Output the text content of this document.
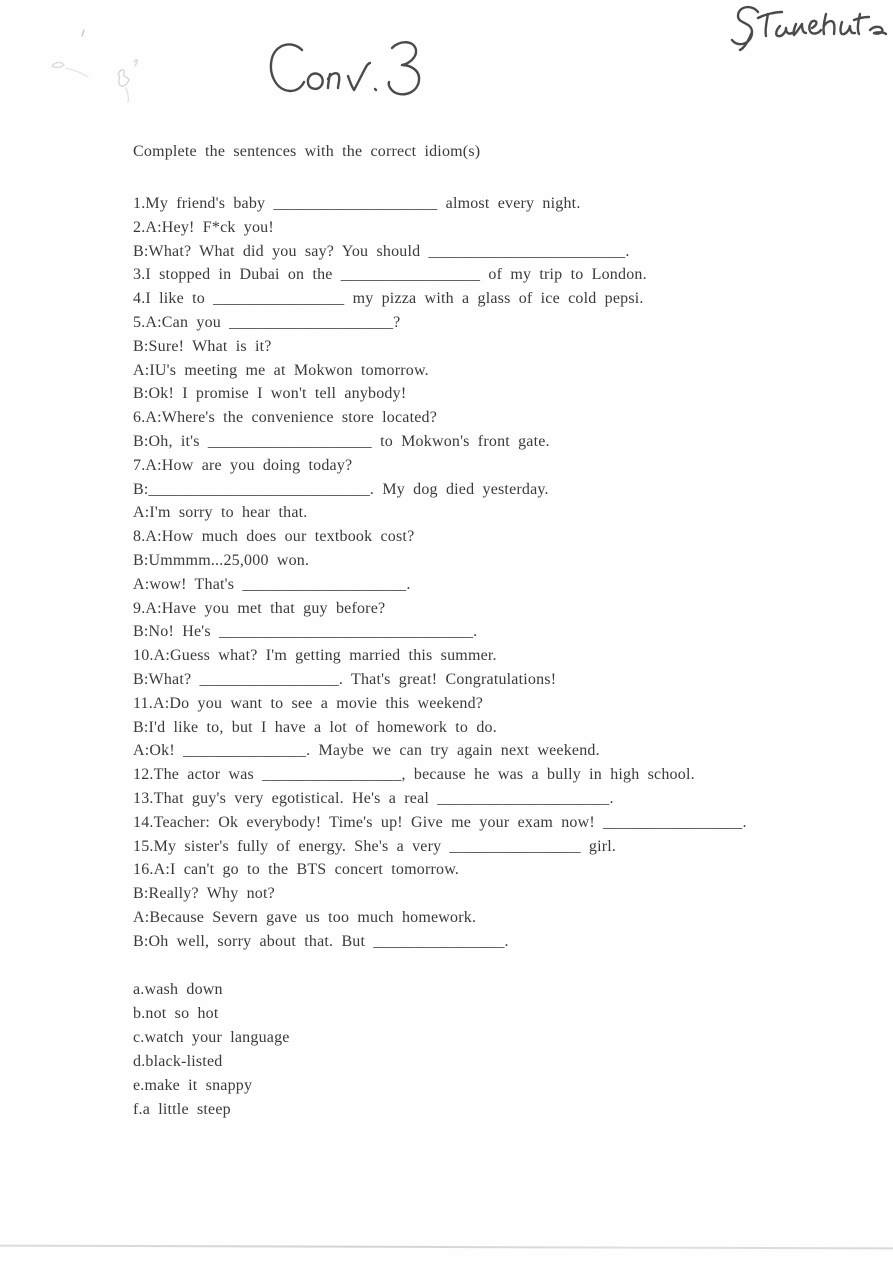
Complete the sentences with the correct idiom(s)
1.My friend's baby ____________________ almost every night.
2.A:Hey! F*ck you!
B:What? What did you say? You should ________________________.
3.I stopped in Dubai on the _________________ of my trip to London.
4.I like to ________________ my pizza with a glass of ice cold pepsi.
5.A:Can you ____________________?
B:Sure! What is it?
A:IU's meeting me at Mokwon tomorrow.
B:Ok! I promise I won't tell anybody!
6.A:Where's the convenience store located?
B:Oh, it's ____________________ to Mokwon's front gate.
7.A:How are you doing today?
B:___________________________. My dog died yesterday.
A:I'm sorry to hear that.
8.A:How much does our textbook cost?
B:Ummmm...25,000 won.
A:wow! That's ____________________.
9.A:Have you met that guy before?
B:No! He's _______________________________.
10.A:Guess what? I'm getting married this summer.
B:What? _________________. That's great! Congratulations!
11.A:Do you want to see a movie this weekend?
B:I'd like to, but I have a lot of homework to do.
A:Ok! _______________. Maybe we can try again next weekend.
12.The actor was _________________, because he was a bully in high school.
13.That guy's very egotistical. He's a real _____________________.
14.Teacher: Ok everybody! Time's up! Give me your exam now! _________________.
15.My sister's fully of energy. She's a very ________________ girl.
16.A:I can't go to the BTS concert tomorrow.
B:Really? Why not?
A:Because Severn gave us too much homework.
B:Oh well, sorry about that. But ________________.
a.wash down
b.not so hot
c.watch your language
d.black-listed
e.make it snappy
f.a little steep
